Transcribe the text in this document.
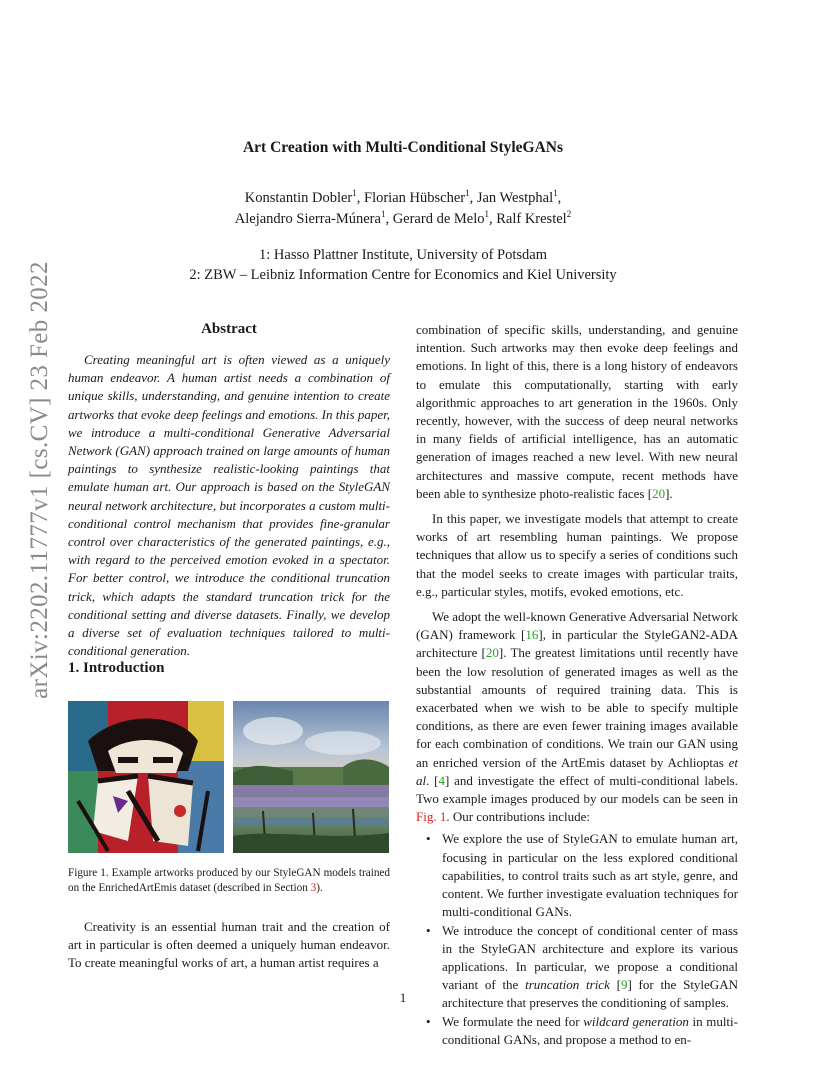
arXiv:2202.11777v1 [cs.CV] 23 Feb 2022
Art Creation with Multi-Conditional StyleGANs
Konstantin Dobler$^1$, Florian Hübscher$^1$, Jan Westphal$^1$,
Alejandro Sierra-Múnera$^1$, Gerard de Melo$^1$, Ralf Krestel$^2$
1: Hasso Plattner Institute, University of Potsdam
2: ZBW – Leibniz Information Centre for Economics and Kiel University
Abstract
Creating meaningful art is often viewed as a uniquely human endeavor. A human artist needs a combination of unique skills, understanding, and genuine intention to create artworks that evoke deep feelings and emotions. In this paper, we introduce a multi-conditional Generative Adversarial Network (GAN) approach trained on large amounts of human paintings to synthesize realistic-looking paintings that emulate human art. Our approach is based on the StyleGAN neural network architecture, but incorporates a custom multi-conditional control mechanism that provides fine-granular control over characteristics of the generated paintings, e.g., with regard to the perceived emotion evoked in a spectator. For better control, we introduce the conditional truncation trick, which adapts the standard truncation trick for the conditional setting and diverse datasets. Finally, we develop a diverse set of evaluation techniques tailored to multi-conditional generation.
1. Introduction
Figure 1. Example artworks produced by our StyleGAN models trained on the EnrichedArtEmis dataset (described in Section 3).
Creativity is an essential human trait and the creation of art in particular is often deemed a uniquely human endeavor. To create meaningful works of art, a human artist requires a

combination of specific skills, understanding, and genuine intention. Such artworks may then evoke deep feelings and emotions. In light of this, there is a long history of endeavors to emulate this computationally, starting with early algorithmic approaches to art generation in the 1960s. Only recently, however, with the success of deep neural networks in many fields of artificial intelligence, has an automatic generation of images reached a new level. With new neural architectures and massive compute, recent methods have been able to synthesize photo-realistic faces [20].

In this paper, we investigate models that attempt to create works of art resembling human paintings. We propose techniques that allow us to specify a series of conditions such that the model seeks to create images with particular traits, e.g., particular styles, motifs, evoked emotions, etc.

We adopt the well-known Generative Adversarial Network (GAN) framework [16], in particular the StyleGAN2-ADA architecture [20]. The greatest limitations until recently have been the low resolution of generated images as well as the substantial amounts of required training data. This is exacerbated when we wish to be able to specify multiple conditions, as there are even fewer training images available for each combination of conditions. We train our GAN using an enriched version of the ArtEmis dataset by Achlioptas et al. [4] and investigate the effect of multi-conditional labels. Two example images produced by our models can be seen in Fig. 1. Our contributions include:

• We explore the use of StyleGAN to emulate human art, focusing in particular on the less explored conditional capabilities, to control traits such as art style, genre, and content. We further investigate evaluation techniques for multi-conditional GANs.
• We introduce the concept of conditional center of mass in the StyleGAN architecture and explore its various applications. In particular, we propose a conditional variant of the truncation trick [9] for the StyleGAN architecture that preserves the conditioning of samples.
• We formulate the need for wildcard generation in multi-conditional GANs, and propose a method to en-
1
